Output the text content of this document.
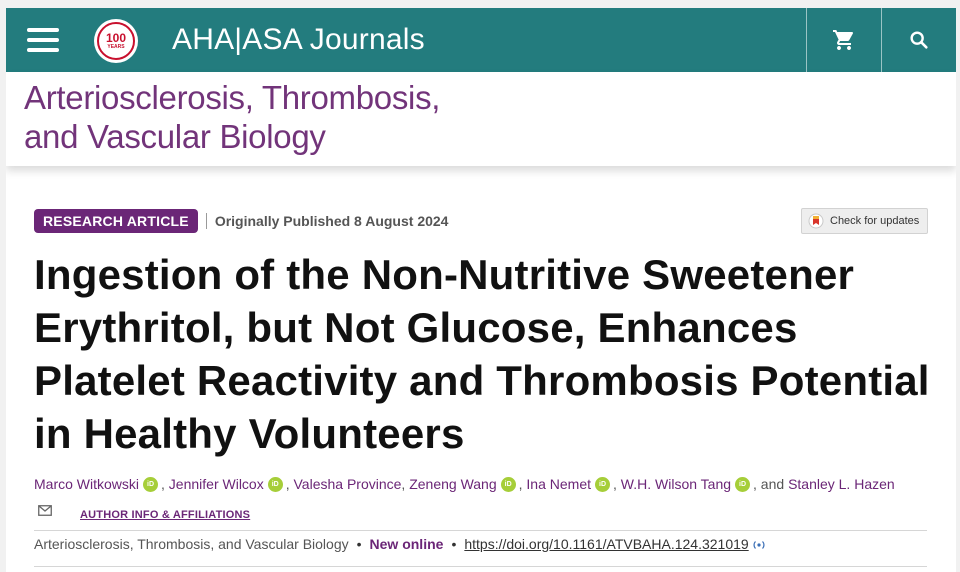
100
YEARS AHA|ASA Journals
Arteriosclerosis, Thrombosis,
and Vascular Biology
RESEARCH ARTICLE	Originally Published 8 August 2024	Check for updates
Ingestion of the Non-Nutritive Sweetener Erythritol, but Not Glucose, Enhances Platelet Reactivity and Thrombosis Potential in Healthy Volunteers
Marco Witkowski iD , Jennifer Wilcox iD , Valesha Province, Zeneng Wang iD , Ina Nemet iD , W.H. Wilson Tang iD , and Stanley L. HazenAUTHOR INFO & AFFILIATIONS
Arteriosclerosis, Thrombosis, and Vascular Biology • New online • https://doi.org/10.1161/ATVBAHA.124.321019
